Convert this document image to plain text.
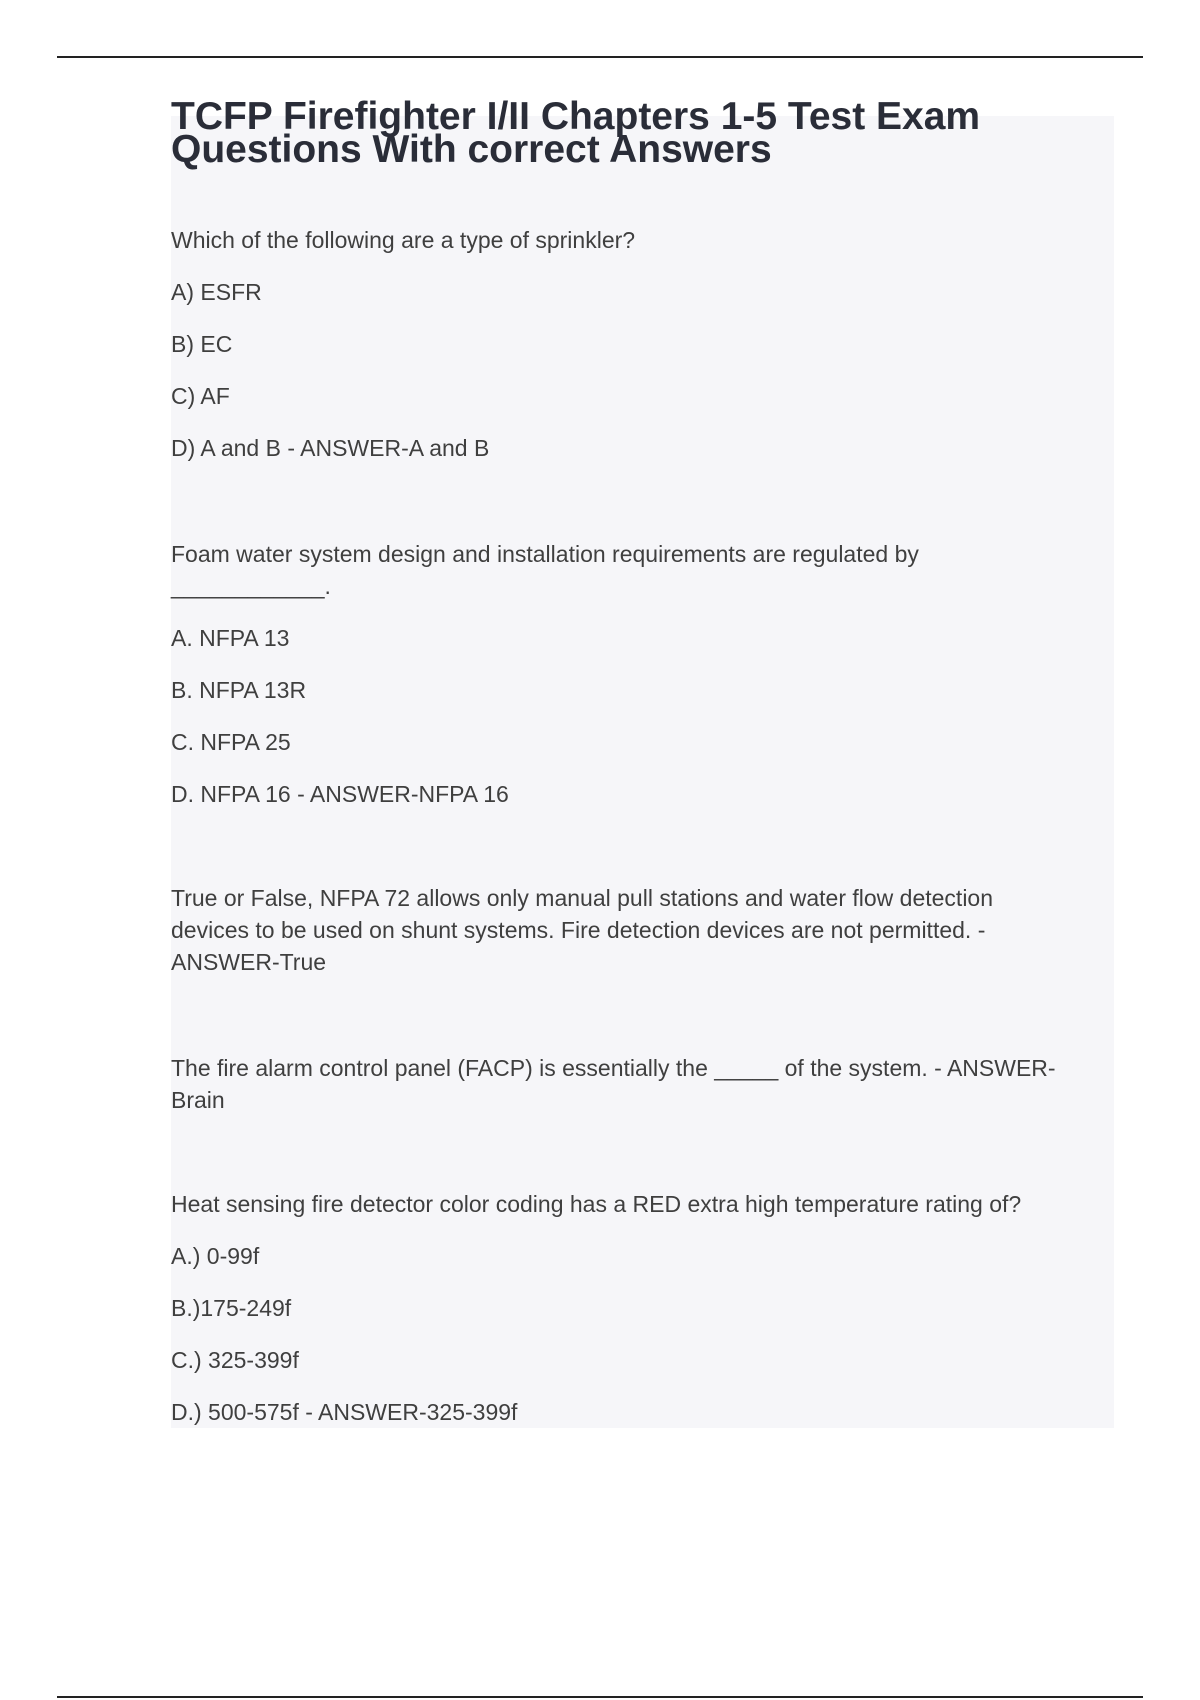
TCFP Firefighter I/II Chapters 1-5 Test Exam Questions With correct Answers

Which of the following are a type of sprinkler?

A) ESFR

B) EC

C) AF

D) A and B - ANSWER-A and B

Foam water system design and installation requirements are regulated by ____________.

A. NFPA 13

B. NFPA 13R

C. NFPA 25

D. NFPA 16 - ANSWER-NFPA 16

True or False, NFPA 72 allows only manual pull stations and water flow detection devices to be used on shunt systems. Fire detection devices are not permitted. - ANSWER-True

The fire alarm control panel (FACP) is essentially the _____ of the system. - ANSWER-Brain

Heat sensing fire detector color coding has a RED extra high temperature rating of?

A.) 0-99f

B.)175-249f

C.) 325-399f

D.) 500-575f - ANSWER-325-399f
